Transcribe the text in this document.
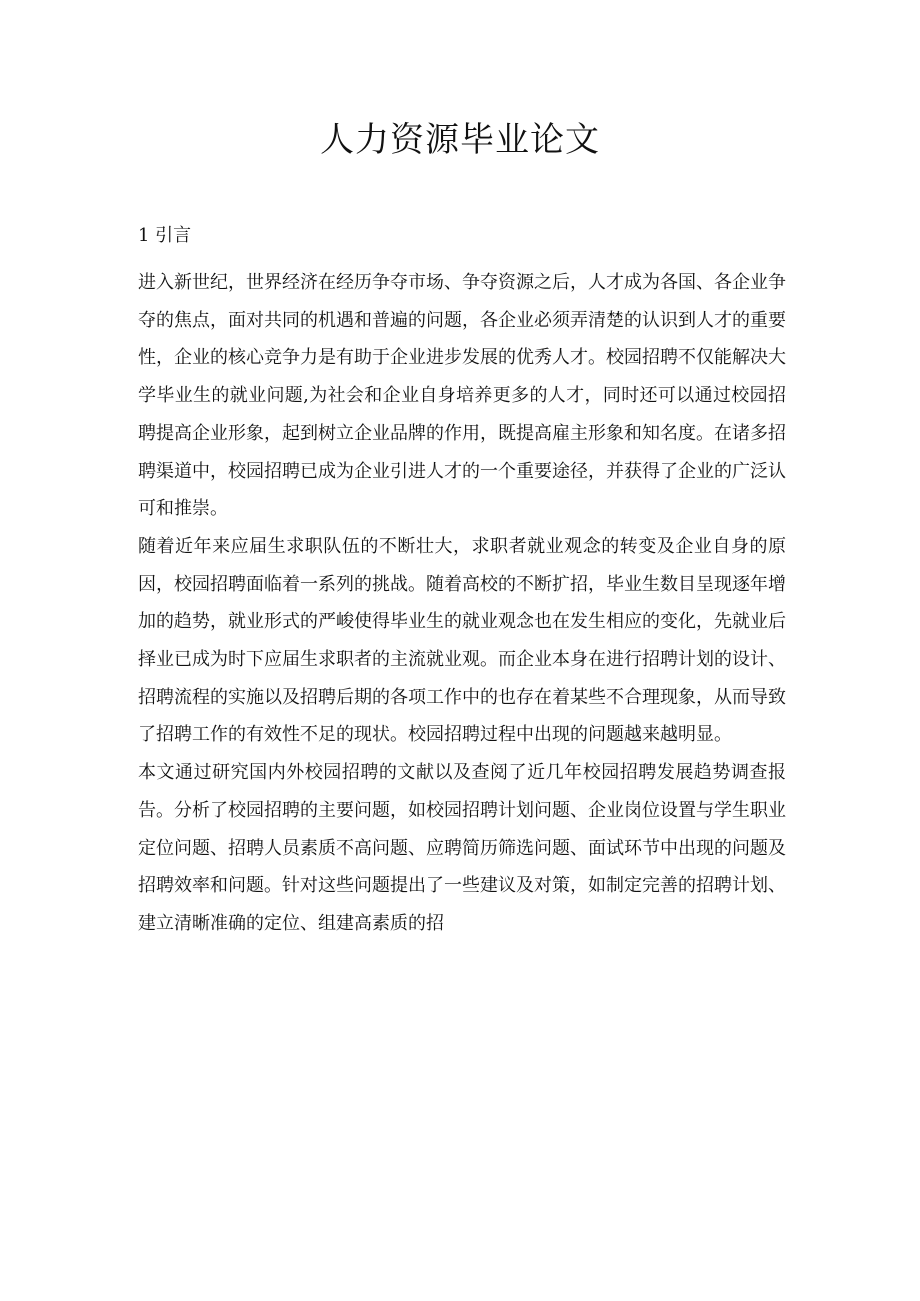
人力资源毕业论文
1 引言

进入新世纪，世界经济在经历争夺市场、争夺资源之后，人才成为各国、各企业争夺的焦点，面对共同的机遇和普遍的问题，各企业必须弄清楚的认识到人才的重要性，企业的核心竞争力是有助于企业进步发展的优秀人才。校园招聘不仅能解决大学毕业生的就业问题,为社会和企业自身培养更多的人才，同时还可以通过校园招聘提高企业形象，起到树立企业品牌的作用，既提高雇主形象和知名度。在诸多招聘渠道中，校园招聘已成为企业引进人才的一个重要途径，并获得了企业的广泛认可和推崇。

随着近年来应届生求职队伍的不断壮大，求职者就业观念的转变及企业自身的原因，校园招聘面临着一系列的挑战。随着高校的不断扩招，毕业生数目呈现逐年增加的趋势，就业形式的严峻使得毕业生的就业观念也在发生相应的变化，先就业后择业已成为时下应届生求职者的主流就业观。而企业本身在进行招聘计划的设计、招聘流程的实施以及招聘后期的各项工作中的也存在着某些不合理现象，从而导致了招聘工作的有效性不足的现状。校园招聘过程中出现的问题越来越明显。

本文通过研究国内外校园招聘的文献以及查阅了近几年校园招聘发展趋势调查报告。分析了校园招聘的主要问题，如校园招聘计划问题、企业岗位设置与学生职业定位问题、招聘人员素质不高问题、应聘简历筛选问题、面试环节中出现的问题及招聘效率和问题。针对这些问题提出了一些建议及对策，如制定完善的招聘计划、建立清晰准确的定位、组建高素质的招
